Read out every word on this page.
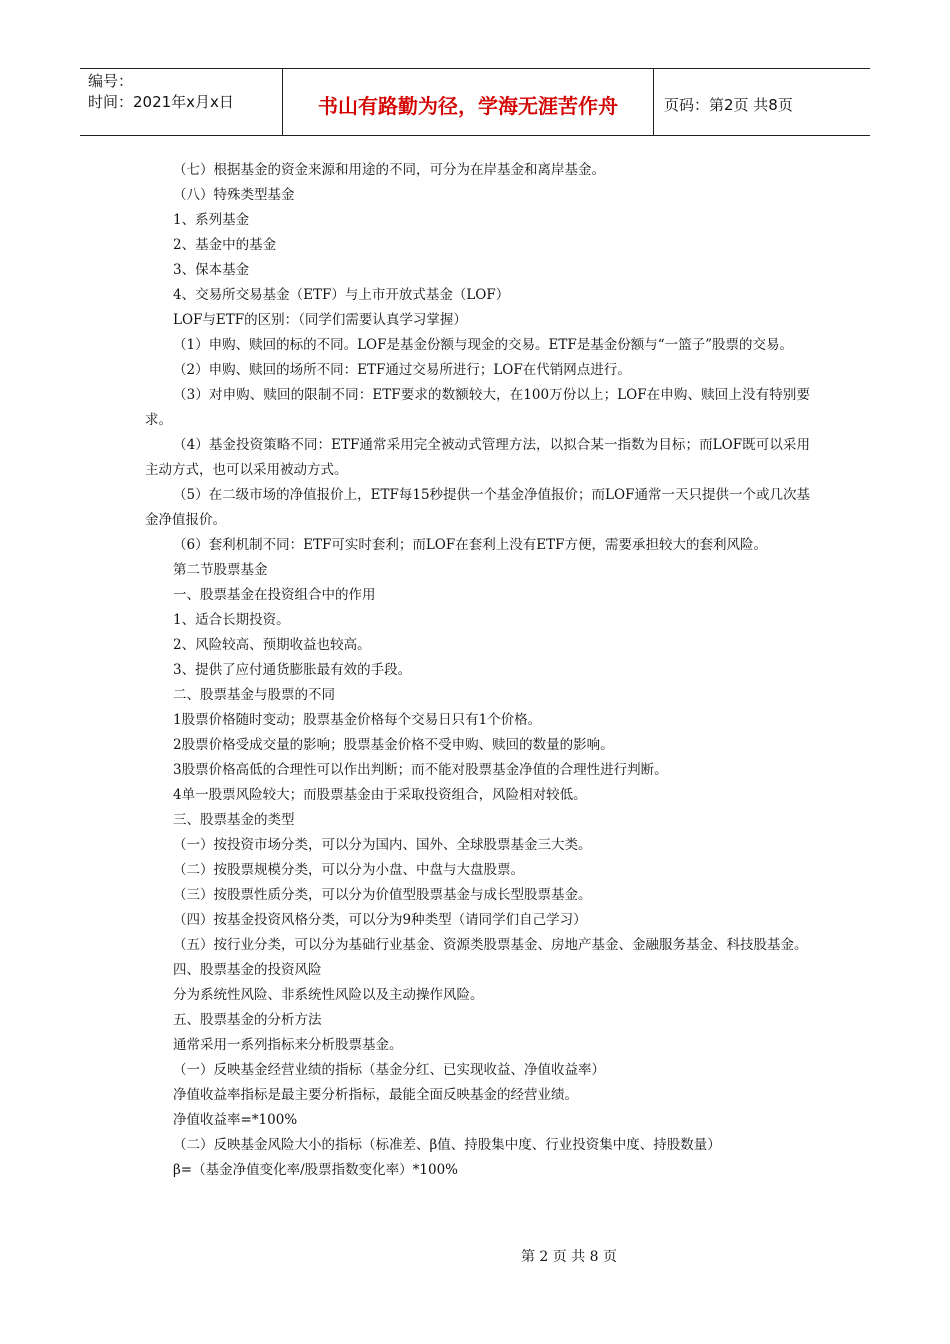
编号：
时间：2021年x月x日	书山有路勤为径，学海无涯苦作舟	页码：第2页 共8页
（七）根据基金的资金来源和用途的不同，可分为在岸基金和离岸基金。
（八）特殊类型基金
1、系列基金
2、基金中的基金
3、保本基金
4、交易所交易基金（ETF）与上市开放式基金（LOF）
LOF与ETF的区别：（同学们需要认真学习掌握）
（1）申购、赎回的标的不同。LOF是基金份额与现金的交易。ETF是基金份额与“一篮子”股票的交易。
（2）申购、赎回的场所不同：ETF通过交易所进行；LOF在代销网点进行。
（3）对申购、赎回的限制不同：ETF要求的数额较大，在100万份以上；LOF在申购、赎回上没有特别要求。
（4）基金投资策略不同：ETF通常采用完全被动式管理方法，以拟合某一指数为目标；而LOF既可以采用主动方式，也可以采用被动方式。
（5）在二级市场的净值报价上，ETF每15秒提供一个基金净值报价；而LOF通常一天只提供一个或几次基金净值报价。
（6）套利机制不同：ETF可实时套利；而LOF在套利上没有ETF方便，需要承担较大的套利风险。
第二节股票基金
一、股票基金在投资组合中的作用
1、适合长期投资。
2、风险较高、预期收益也较高。
3、提供了应付通货膨胀最有效的手段。
二、股票基金与股票的不同
1股票价格随时变动；股票基金价格每个交易日只有1个价格。
2股票价格受成交量的影响；股票基金价格不受申购、赎回的数量的影响。
3股票价格高低的合理性可以作出判断；而不能对股票基金净值的合理性进行判断。
4单一股票风险较大；而股票基金由于采取投资组合，风险相对较低。
三、股票基金的类型
（一）按投资市场分类，可以分为国内、国外、全球股票基金三大类。
（二）按股票规模分类，可以分为小盘、中盘与大盘股票。
（三）按股票性质分类，可以分为价值型股票基金与成长型股票基金。
（四）按基金投资风格分类，可以分为9种类型（请同学们自己学习）
（五）按行业分类，可以分为基础行业基金、资源类股票基金、房地产基金、金融服务基金、科技股基金。
四、股票基金的投资风险
分为系统性风险、非系统性风险以及主动操作风险。
五、股票基金的分析方法
通常采用一系列指标来分析股票基金。
（一）反映基金经营业绩的指标（基金分红、已实现收益、净值收益率）
净值收益率指标是最主要分析指标，最能全面反映基金的经营业绩。
净值收益率=*100%
（二）反映基金风险大小的指标（标准差、β值、持股集中度、行业投资集中度、持股数量）
β=（基金净值变化率/股票指数变化率）*100%
第 2 页 共 8 页
